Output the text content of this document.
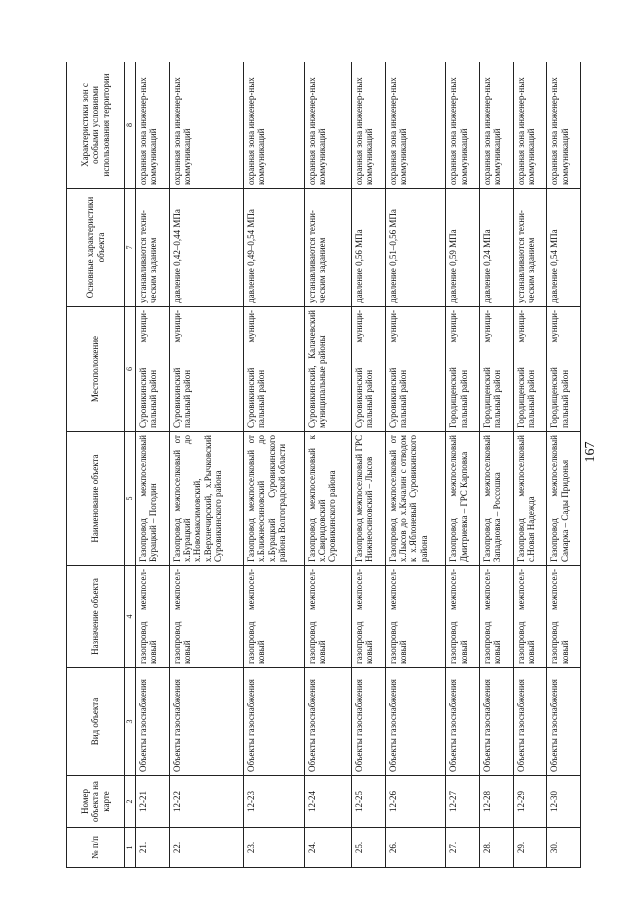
167
№ п/п	Номер объекта на карте	Вид объекта	Назначение объекта	Наименование объекта	Местоположение	Основные характеристики объекта	Характеристики зон с особыми условиями использования территории
1	2	3	4	5	6	7	8
21.	12-21	Объекты газоснабжения	газопровод межпосел-ковый	Газопровод межпоселковый Бурацкий – Погодин	Суровикинский муници-пальный район	устанавливаются техни-ческим заданием	охранная зона инженер-ных коммуникаций
22.	12-22	Объекты газоснабжения	газопровод межпосел-ковый	Газопровод межпоселковый от х.Бурацкий до х.Новомаксимовский, х.Верхнечирский, х.Рычковский Суровикинского района	Суровикинский муници-пальный район	давление 0,42–0,44 МПа	охранная зона инженер-ных коммуникаций
23.	12-23	Объекты газоснабжения	газопровод межпосел-ковый	Газопровод межпоселковый от х.Ближнеосиновский до х.Бурацкий Суровикинского района Волгоградской области	Суровикинский муници-пальный район	давление 0,49–0,54 МПа	охранная зона инженер-ных коммуникаций
24.	12-24	Объекты газоснабжения	газопровод межпосел-ковый	Газопровод межпоселковый к х.Свиридовский Суровикинского района	Суровикинский, Калачевский муниципальные районы	устанавливаются техни-ческим заданием	охранная зона инженер-ных коммуникаций
25.	12-25	Объекты газоснабжения	газопровод межпосел-ковый	Газопровод межпоселковый ГРС Нижнеосиновский – Лысов	Суровикинский муници-пальный район	давление 0,56 МПа	охранная зона инженер-ных коммуникаций
26.	12-26	Объекты газоснабжения	газопровод межпосел-ковый	Газопровод межпоселковый от х.Лысов до х.Качалин с отводом к х.Яблоневый Суровикинского района	Суровикинский муници-пальный район	давление 0,51–0,56 МПа	охранная зона инженер-ных коммуникаций
27.	12-27	Объекты газоснабжения	газопровод межпосел-ковый	Газопровод межпоселковый Дмитриевка – ГРС Карповка	Городищенский муници-пальный район	давление 0,59 МПа	охранная зона инженер-ных коммуникаций
28.	12-28	Объекты газоснабжения	газопровод межпосел-ковый	Газопровод межпоселковый Западновка – Россошка	Городищенский муници-пальный район	давление 0,24 МПа	охранная зона инженер-ных коммуникаций
29.	12-29	Объекты газоснабжения	газопровод межпосел-ковый	Газопровод межпоселковый с.Новая Надежда	Городищенский муници-пальный район	устанавливаются техни-ческим заданием	охранная зона инженер-ных коммуникаций
30.	12-30	Объекты газоснабжения	газопровод межпосел-ковый	Газопровод межпоселковый Самарка – Сады Придонья	Городищенский муници-пальный район	давление 0,54 МПа	охранная зона инженер-ных коммуникаций
